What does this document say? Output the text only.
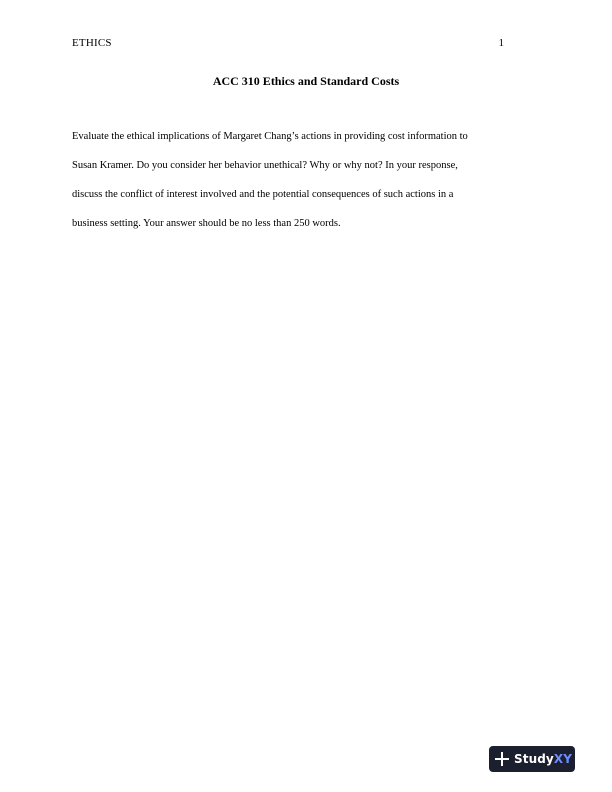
ETHICS	1
ACC 310 Ethics and Standard Costs
Evaluate the ethical implications of Margaret Chang’s actions in providing cost information to
Susan Kramer. Do you consider her behavior unethical? Why or why not? In your response,
discuss the conflict of interest involved and the potential consequences of such actions in a
business setting. Your answer should be no less than 250 words.
StudyXY
